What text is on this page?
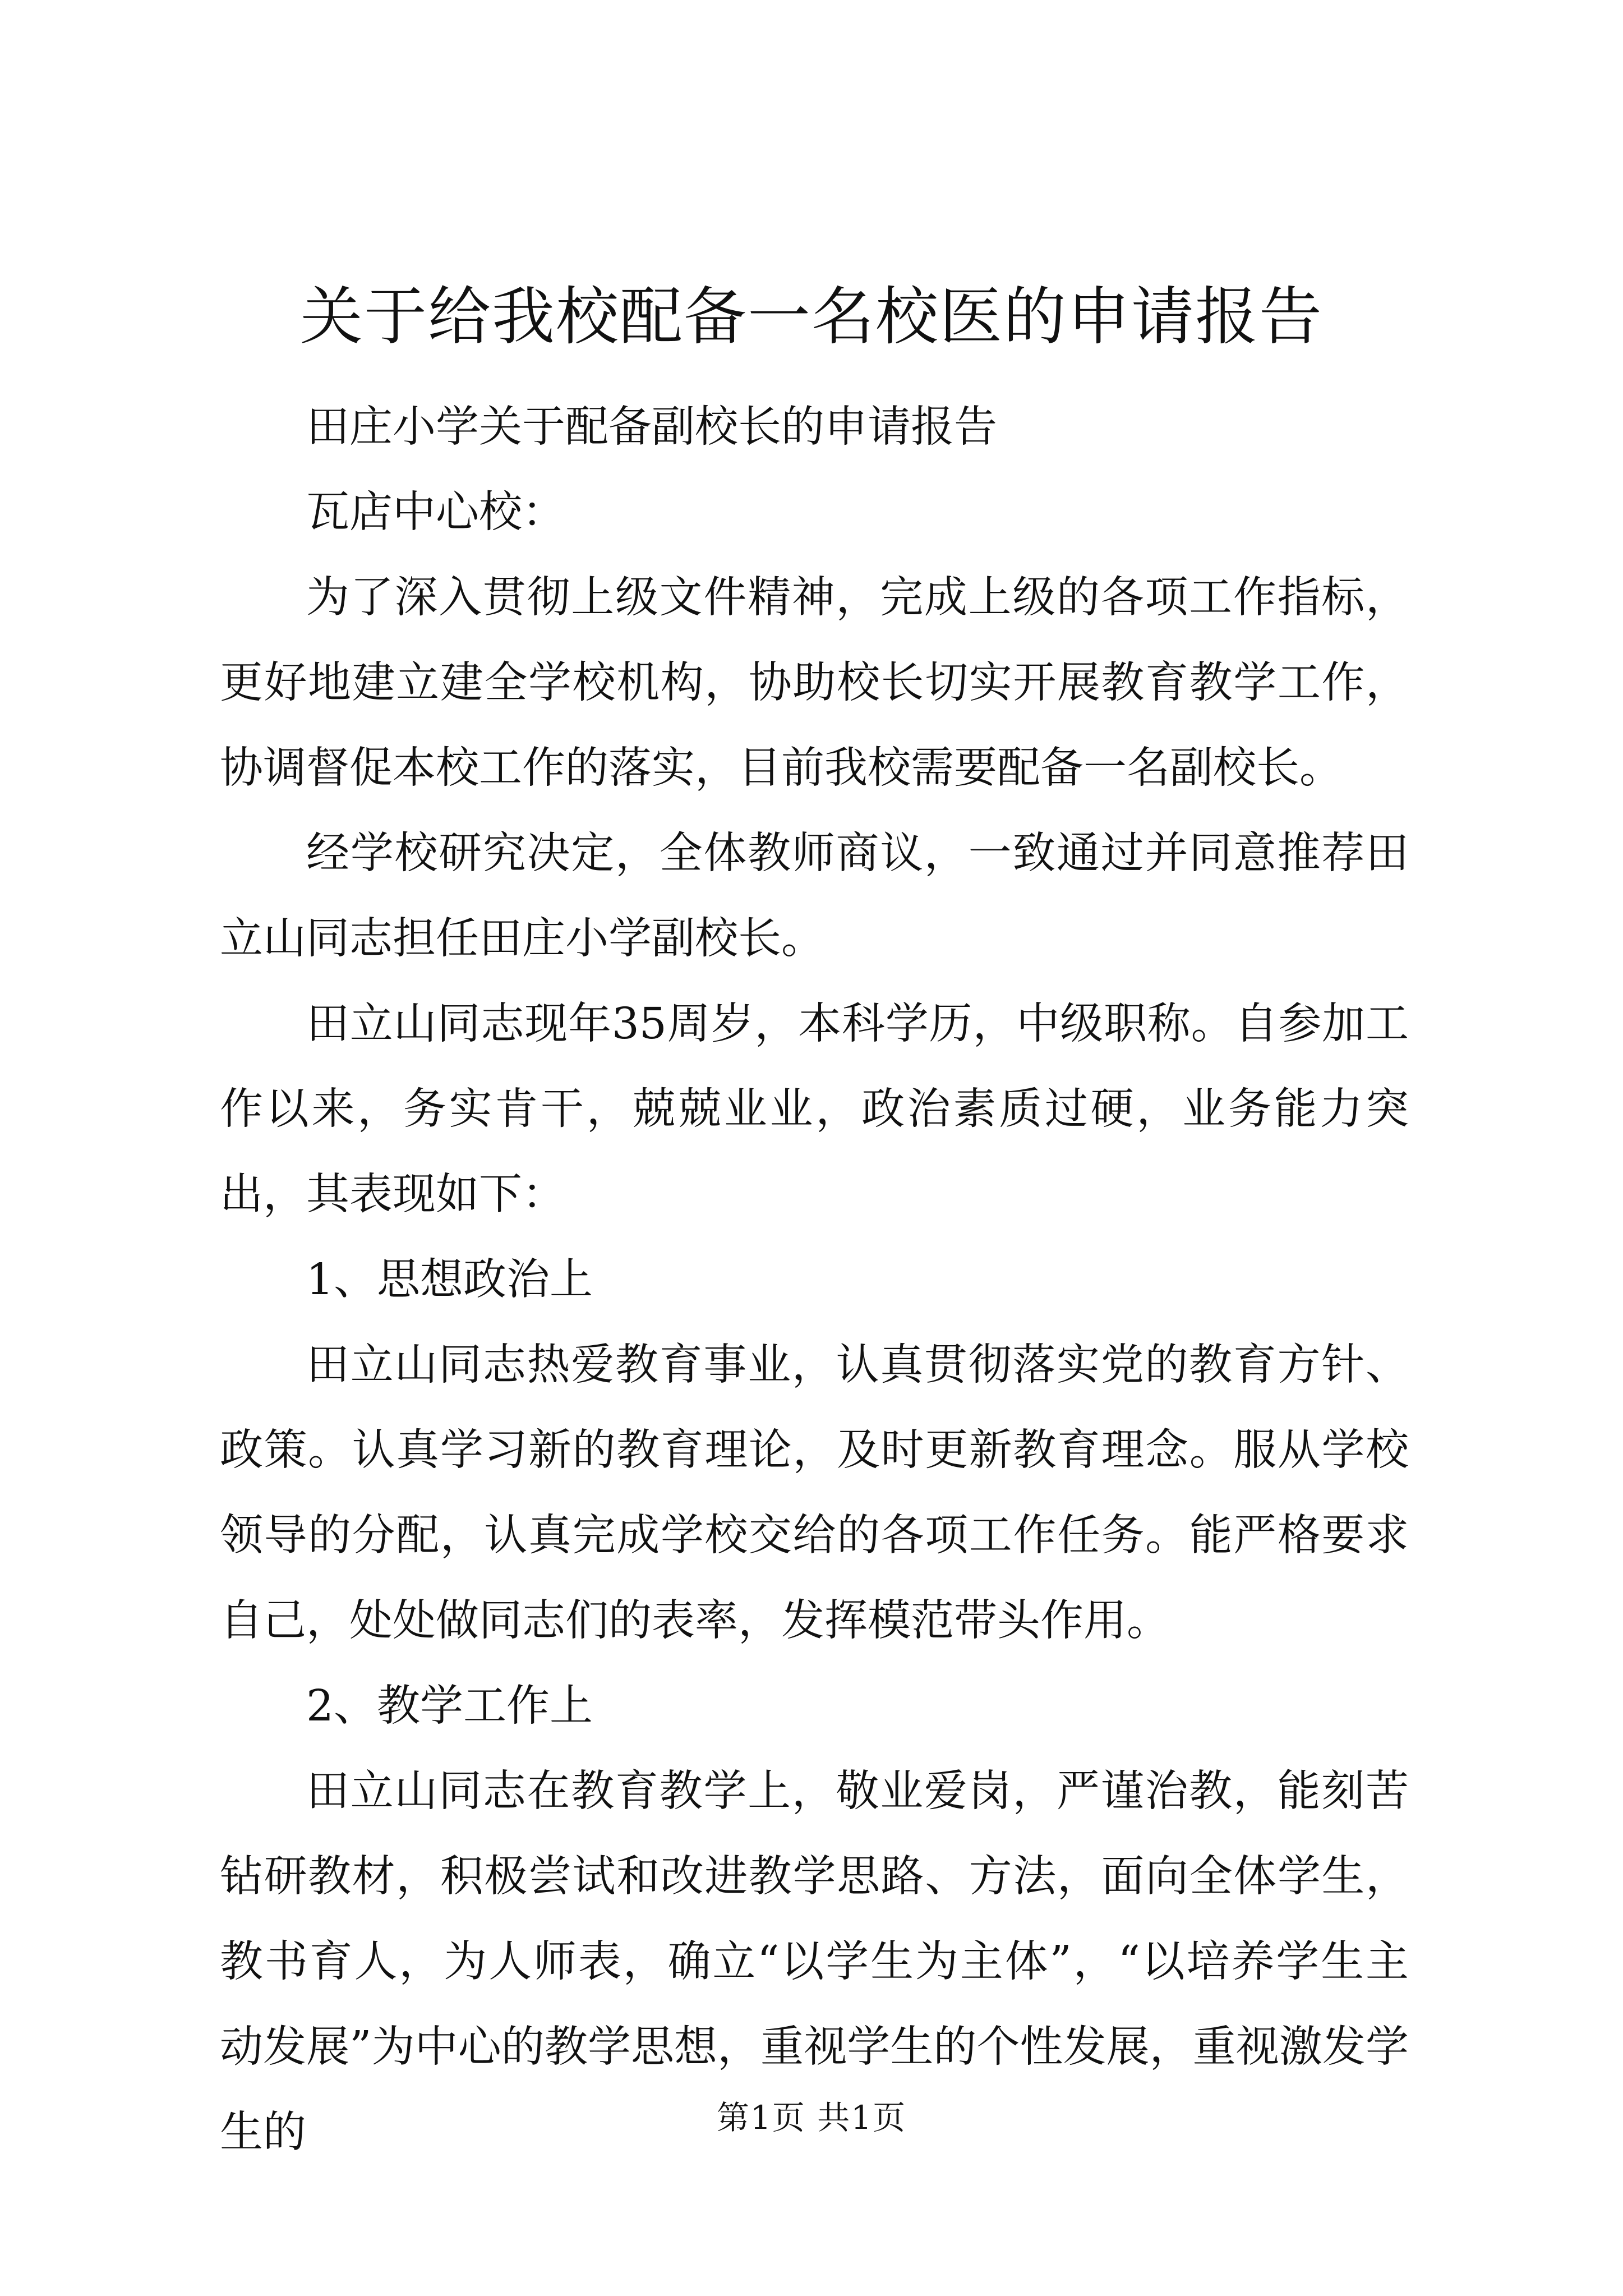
关于给我校配备一名校医的申请报告

田庄小学关于配备副校长的申请报告

瓦店中心校：

为了深入贯彻上级文件精神，完成上级的各项工作指标，更好地建立建全学校机构，协助校长切实开展教育教学工作，协调督促本校工作的落实，目前我校需要配备一名副校长。

经学校研究决定，全体教师商议，一致通过并同意推荐田立山同志担任田庄小学副校长。

田立山同志现年35周岁，本科学历，中级职称。自参加工作以来，务实肯干，兢兢业业，政治素质过硬，业务能力突出，其表现如下：

1、思想政治上

田立山同志热爱教育事业，认真贯彻落实党的教育方针、政策。认真学习新的教育理论，及时更新教育理念。服从学校领导的分配，认真完成学校交给的各项工作任务。能严格要求自己，处处做同志们的表率，发挥模范带头作用。

2、教学工作上

田立山同志在教育教学上，敬业爱岗，严谨治教，能刻苦钻研教材，积极尝试和改进教学思路、方法，面向全体学生，教书育人，为人师表，确立“以学生为主体”，“以培养学生主动发展”为中心的教学思想，重视学生的个性发展，重视激发学生的	第1页 共1页
